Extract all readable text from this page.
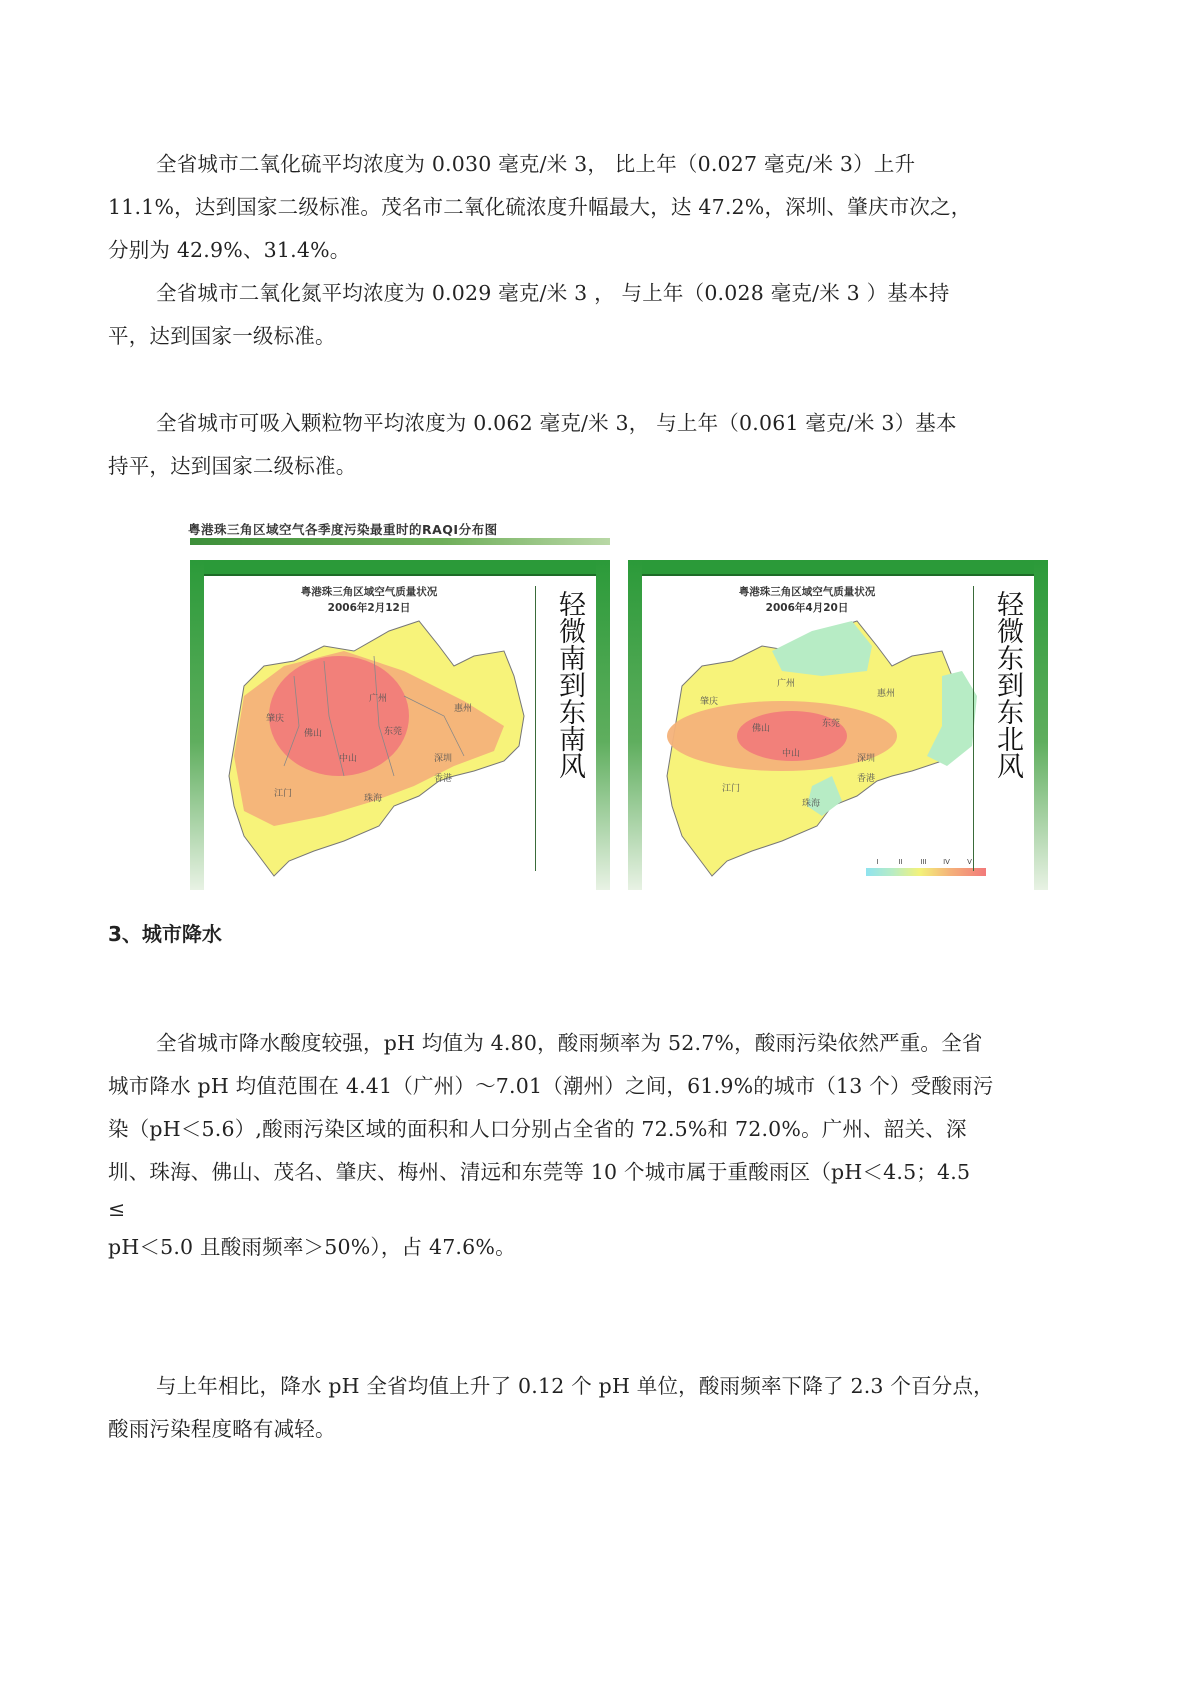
全省城市二氧化硫平均浓度为 0.030 毫克/米 3， 比上年（0.027 毫克/米 3）上升
11.1%，达到国家二级标准。茂名市二氧化硫浓度升幅最大，达 47.2%，深圳、肇庆市次之，
分别为 42.9%、31.4%。
全省城市二氧化氮平均浓度为 0.029 毫克/米 3 ， 与上年（0.028 毫克/米 3 ）基本持
平，达到国家一级标准。
全省城市可吸入颗粒物平均浓度为 0.062 毫克/米 3， 与上年（0.061 毫克/米 3）基本
持平，达到国家二级标准。
粤港珠三角区域空气各季度污染最重时的RAQI分布图
粤港珠三角区域空气质量状况
2006年2月12日
肇庆
广州
惠州
佛山	东莞
中山
江门	珠海
深圳
香港	轻微南到东南风	粤港珠三角区域空气质量状况
2006年4月20日
肇庆
广州
惠州
佛山	东莞
中山
江门
珠海
深圳
香港
I	II	III IV V
轻微东到东北风
3、城市降水
全省城市降水酸度较强，pH 均值为 4.80，酸雨频率为 52.7%，酸雨污染依然严重。全省
城市降水 pH 均值范围在 4.41（广州）～7.01（潮州）之间，61.9%的城市（13 个）受酸雨污
染（pH＜5.6）,酸雨污染区域的面积和人口分别占全省的 72.5%和 72.0%。广州、韶关、深
圳、珠海、佛山、茂名、肇庆、梅州、清远和东莞等 10 个城市属于重酸雨区（pH＜4.5；4.5
≤
pH＜5.0 且酸雨频率＞50%），占 47.6%。
与上年相比，降水 pH 全省均值上升了 0.12 个 pH 单位，酸雨频率下降了 2.3 个百分点，
酸雨污染程度略有减轻。
